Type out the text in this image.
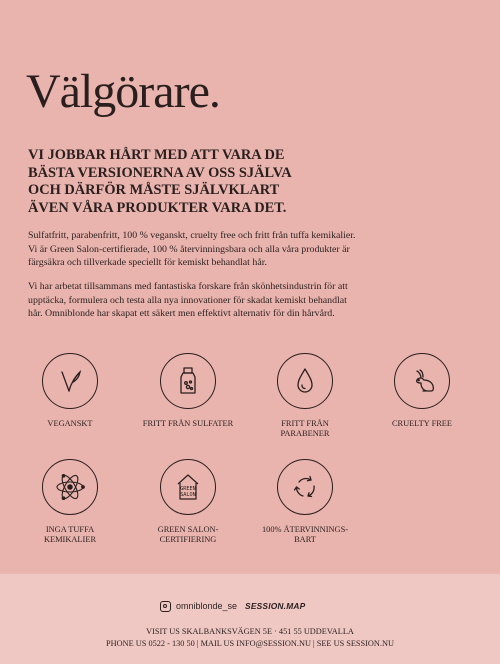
Välgörare.
VI JOBBAR HÅRT MED ATT VARA DE
BÄSTA VERSIONERNA AV OSS SJÄLVA
OCH DÄRFÖR MÅSTE SJÄLVKLART
ÄVEN VÅRA PRODUKTER VARA DET.
Sulfatfritt, parabenfritt, 100 % veganskt, cruelty free och fritt från tuffa kemikalier.
Vi är Green Salon-certifierade, 100 % återvinningsbara och alla våra produkter är
färgsäkra och tillverkade speciellt för kemiskt behandlat hår.
Vi har arbetat tillsammans med fantastiska forskare från skönhetsindustrin för att
upptäcka, formulera och testa alla nya innovationer för skadat kemiskt behandlat
hår. Omniblonde har skapat ett säkert men effektivt alternativ för din hårvård.
VEGANSKT	FRITT FRÅN SULFATER	FRITT FRÅN
PARABENER
CRUELTY FREE
INGA TUFFA
KEMIKALIER
GREEN
SALON
GREEN SALON-
CERTIFIERING
100% ÅTERVINNINGS-
BART
omniblonde_se SESSION.MAP
VISIT US SKALBANKSVÄGEN 5E · 451 55 UDDEVALLA
PHONE US 0522 - 130 50 | MAIL US INFO@SESSION.NU | SEE US SESSION.NU
